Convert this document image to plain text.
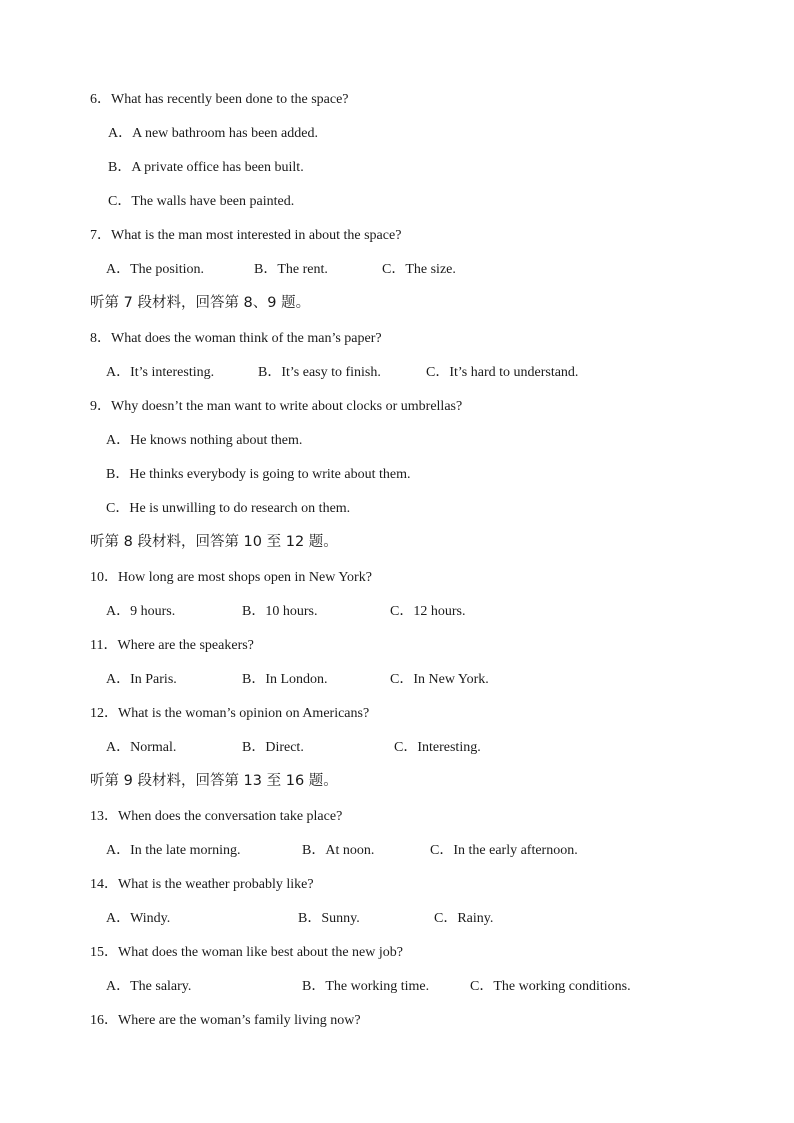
6．What has recently been done to the space?
A．A new bathroom has been added.
B．A private office has been built.
C．The walls have been painted.
7．What is the man most interested in about the space?
A．The position.	B．The rent.	C．The size.
听第 7 段材料，回答第 8、9 题。
8．What does the woman think of the man’s paper?
A．It’s interesting.	B．It’s easy to finish.	C．It’s hard to understand.
9．Why doesn’t the man want to write about clocks or umbrellas?
A．He knows nothing about them.
B．He thinks everybody is going to write about them.
C．He is unwilling to do research on them.
听第 8 段材料，回答第 10 至 12 题。
10．How long are most shops open in New York?
A．9 hours.	B．10 hours.	C．12 hours.
11．Where are the speakers?
A．In Paris.	B．In London.	C．In New York.
12．What is the woman’s opinion on Americans?
A．Normal.	B．Direct.	C．Interesting.
听第 9 段材料，回答第 13 至 16 题。
13．When does the conversation take place?
A．In the late morning.	B．At noon.	C．In the early afternoon.
14．What is the weather probably like?
A．Windy.	B．Sunny.	C．Rainy.
15．What does the woman like best about the new job?
A．The salary.	B．The working time.	C．The working conditions.
16．Where are the woman’s family living now?
